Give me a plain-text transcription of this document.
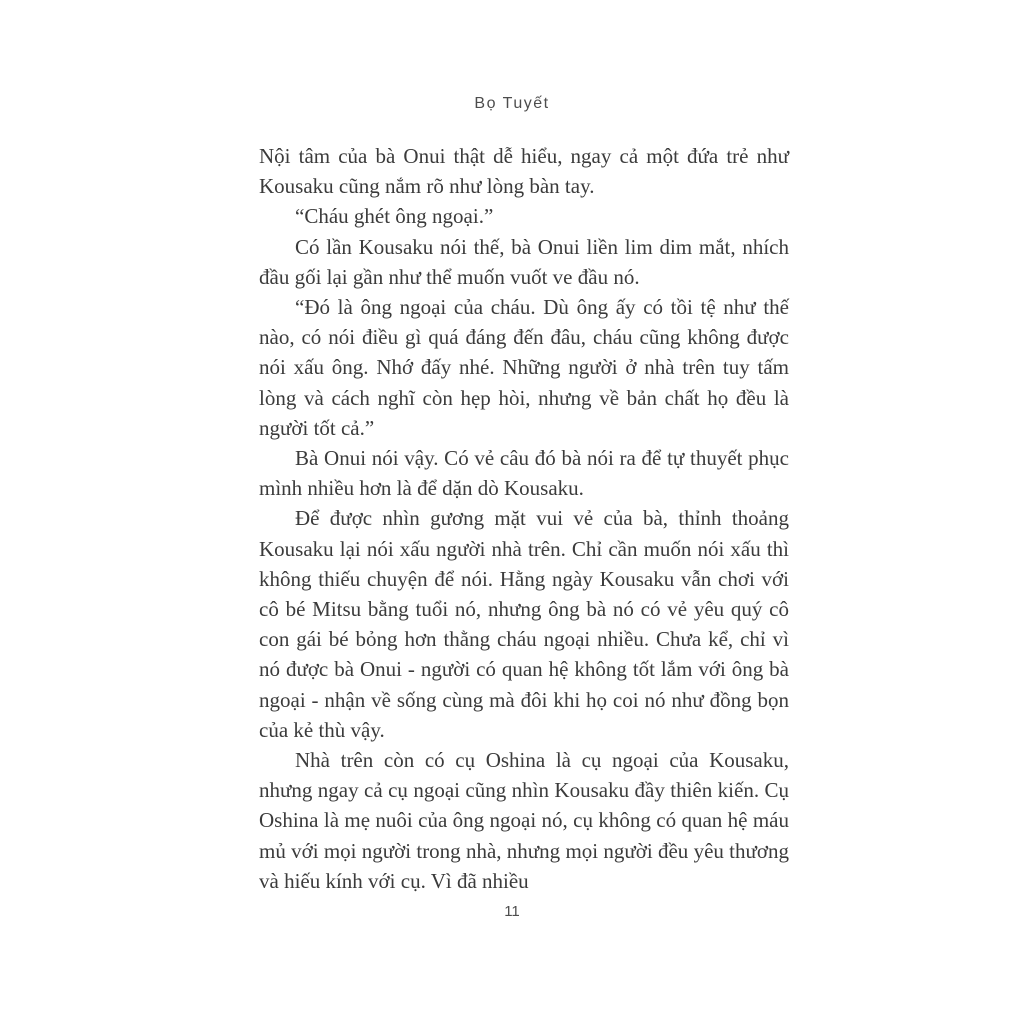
Bọ Tuyết

Nội tâm của bà Onui thật dễ hiểu, ngay cả một đứa trẻ như Kousaku cũng nắm rõ như lòng bàn tay.

“Cháu ghét ông ngoại.”

Có lần Kousaku nói thế, bà Onui liền lim dim mắt, nhích đầu gối lại gần như thể muốn vuốt ve đầu nó.

“Đó là ông ngoại của cháu. Dù ông ấy có tồi tệ như thế nào, có nói điều gì quá đáng đến đâu, cháu cũng không được nói xấu ông. Nhớ đấy nhé. Những người ở nhà trên tuy tấm lòng và cách nghĩ còn hẹp hòi, nhưng về bản chất họ đều là người tốt cả.”

Bà Onui nói vậy. Có vẻ câu đó bà nói ra để tự thuyết phục mình nhiều hơn là để dặn dò Kousaku.

Để được nhìn gương mặt vui vẻ của bà, thỉnh thoảng Kousaku lại nói xấu người nhà trên. Chỉ cần muốn nói xấu thì không thiếu chuyện để nói. Hằng ngày Kousaku vẫn chơi với cô bé Mitsu bằng tuổi nó, nhưng ông bà nó có vẻ yêu quý cô con gái bé bỏng hơn thằng cháu ngoại nhiều. Chưa kể, chỉ vì nó được bà Onui - người có quan hệ không tốt lắm với ông bà ngoại - nhận về sống cùng mà đôi khi họ coi nó như đồng bọn của kẻ thù vậy.

Nhà trên còn có cụ Oshina là cụ ngoại của Kousaku, nhưng ngay cả cụ ngoại cũng nhìn Kousaku đầy thiên kiến. Cụ Oshina là mẹ nuôi của ông ngoại nó, cụ không có quan hệ máu mủ với mọi người trong nhà, nhưng mọi người đều yêu thương và hiếu kính với cụ. Vì đã nhiều

11
